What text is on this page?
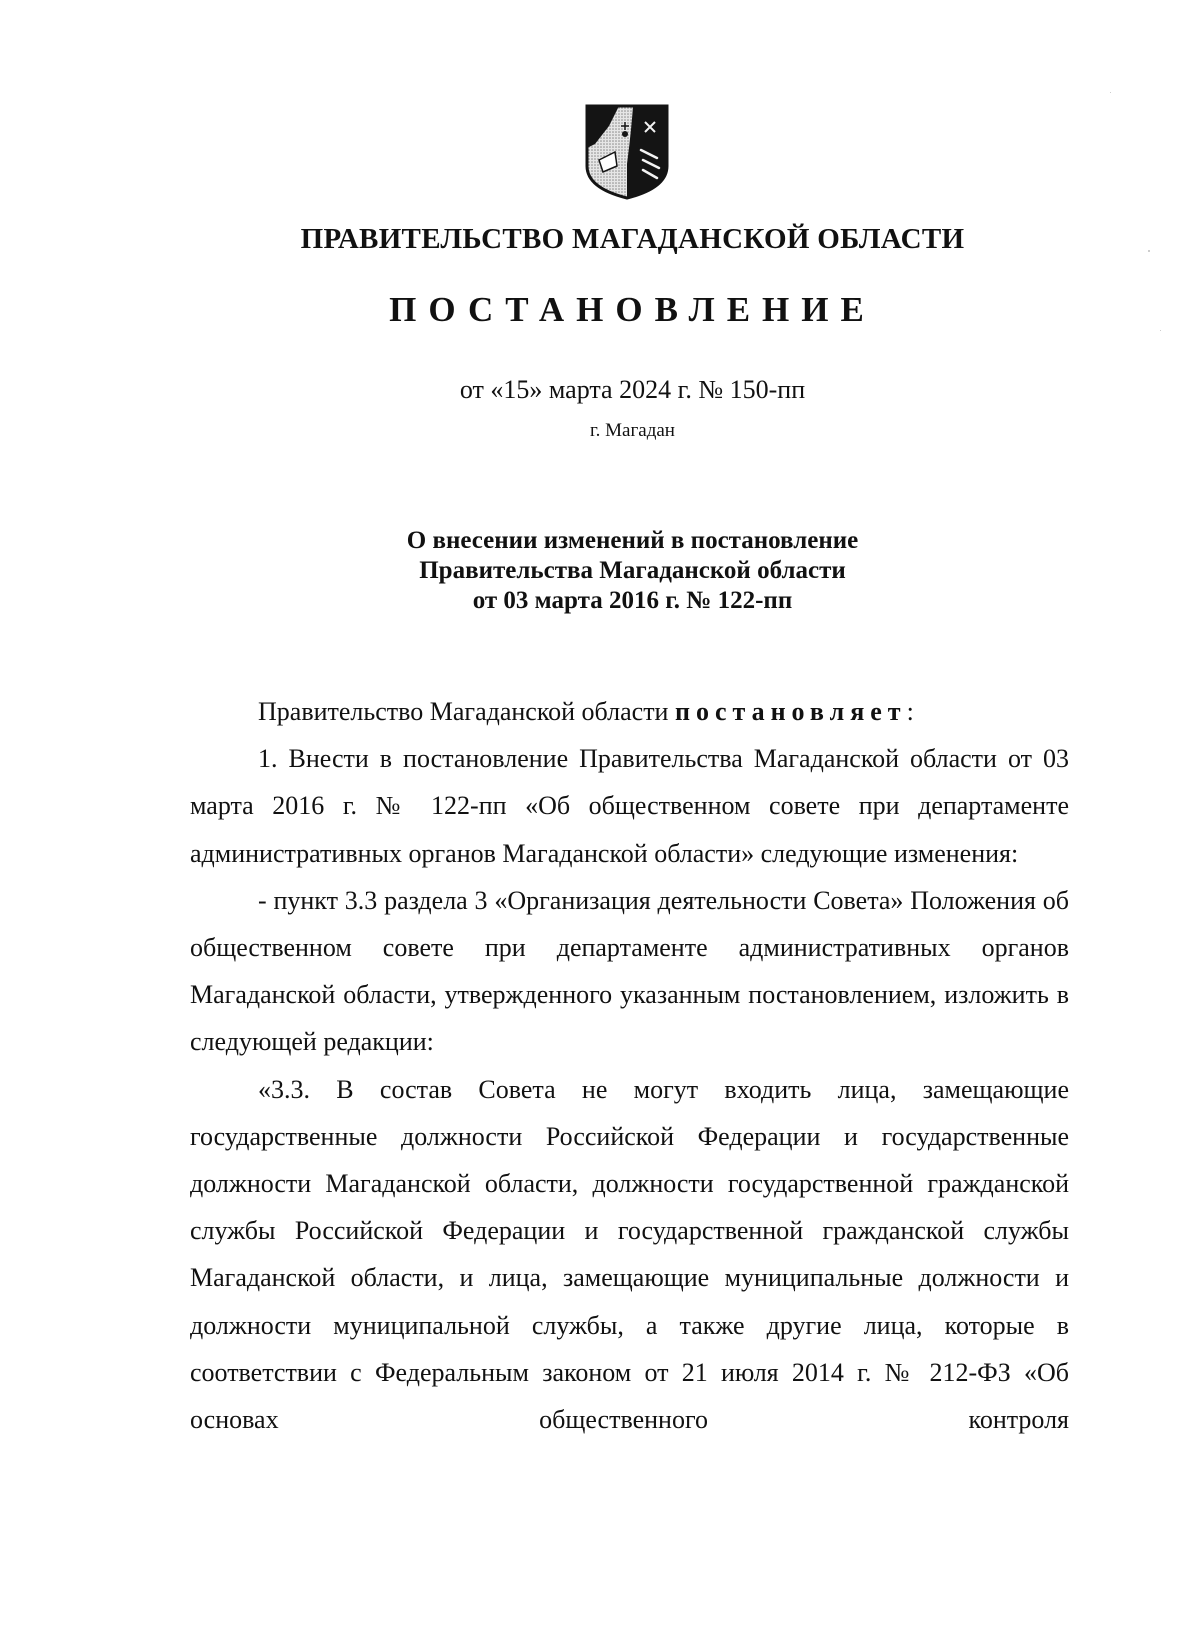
ПРАВИТЕЛЬСТВО МАГАДАНСКОЙ ОБЛАСТИ
ПОСТАНОВЛЕНИЕ
от «15» марта 2024 г. № 150-пп
г. Магадан
О внесении изменений в постановление
Правительства Магаданской области
от 03 марта 2016 г. № 122-пп

Правительство Магаданской области постановляет:

1. Внести в постановление Правительства Магаданской области от 03 марта 2016 г. № 122-пп «Об общественном совете при департаменте административных органов Магаданской области» следующие изменения:

- пункт 3.3 раздела 3 «Организация деятельности Совета» Положения об общественном совете при департаменте административных органов Магаданской области, утвержденного указанным постановлением, изложить в следующей редакции:

«3.3. В состав Совета не могут входить лица, замещающие государственные должности Российской Федерации и государственные должности Магаданской области, должности государственной гражданской службы Российской Федерации и государственной гражданской службы Магаданской области, и лица, замещающие муниципальные должности и должности муниципальной службы, а также другие лица, которые в соответствии с Федеральным законом от 21 июля 2014 г. № 212-ФЗ «Об основах общественного контроля
